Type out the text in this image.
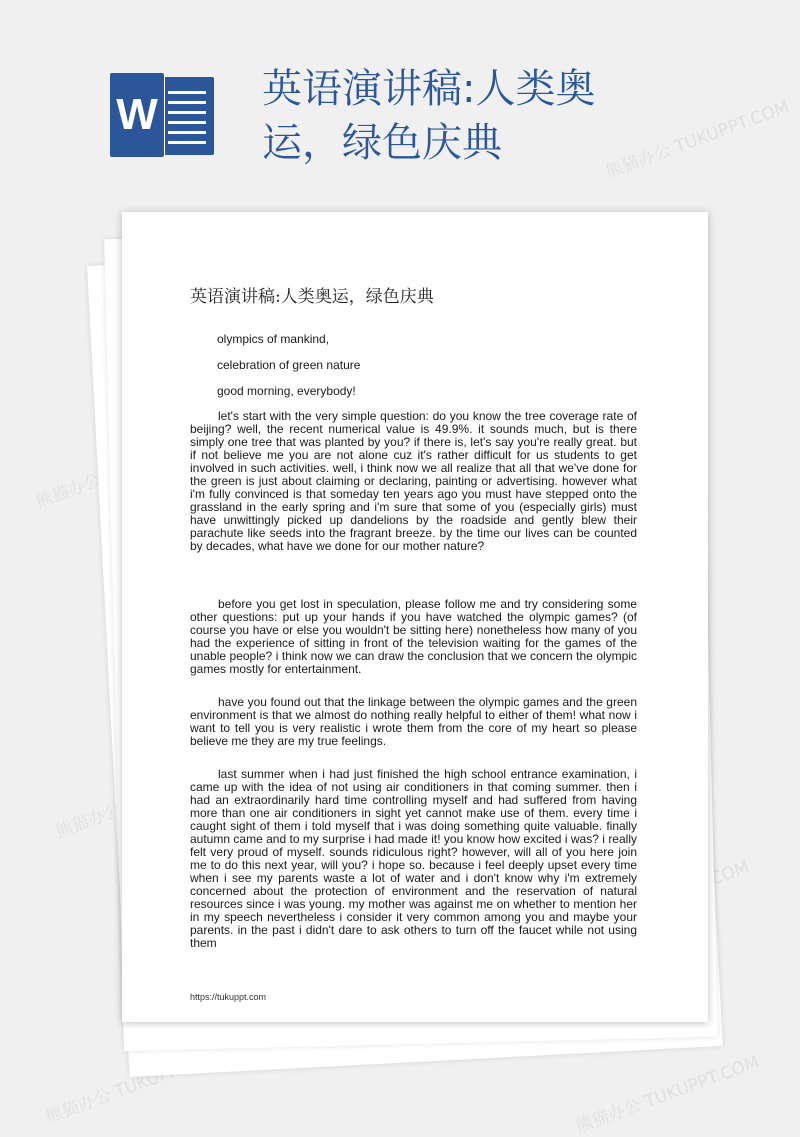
W
英语演讲稿:人类奥运，绿色庆典	熊猫办公 TUKUPPT.COM
熊猫办公
熊猫办公
熊猫办公 TUKUPPT.COM	熊猫办公 TUKUPPT.COM
英语演讲稿:人类奥运，绿色庆典

olympics of mankind,

celebration of green nature

good morning, everybody!

let's start with the very simple question: do you know the tree coverage rate of beijing? well, the recent numerical value is 49.9%. it sounds much, but is there simply one tree that was planted by you? if there is, let's say you're really great. but if not believe me you are not alone cuz it's rather difficult for us students to get involved in such activities. well, i think now we all realize that all that we've done for the green is just about claiming or declaring, painting or advertising. however what i'm fully convinced is that someday ten years ago you must have stepped onto the grassland in the early spring and i'm sure that some of you (especially girls) must have unwittingly picked up dandelions by the roadside and gently blew their parachute like seeds into the fragrant breeze. by the time our lives can be counted by decades, what have we done for our mother nature?

before you get lost in speculation, please follow me and try considering some other questions: put up your hands if you have watched the olympic games? (of course you have or else you wouldn't be sitting here) nonetheless how many of you had the experience of sitting in front of the television waiting for the games of the unable people? i think now we can draw the conclusion that we concern the olympic games mostly for entertainment.

have you found out that the linkage between the olympic games and the green environment is that we almost do nothing really helpful to either of them! what now i want to tell you is very realistic i wrote them from the core of my heart so please believe me they are my true feelings.

last summer when i had just finished the high school entrance examination, i came up with the idea of not using air conditioners in that coming summer. then i had an extraordinarily hard time controlling myself and had suffered from having more than one air conditioners in sight yet cannot make use of them. every time i caught sight of them i told myself that i was doing something quite valuable. finally autumn came and to my surprise i had made it! you know how excited i was? i really felt very proud of myself. sounds ridiculous right? however, will all of you here join me to do this next year, will you? i hope so. because i feel deeply upset every time when i see my parents waste a lot of water and i don't know why i'm extremely concerned about the protection of environment and the reservation of natural resources since i was young. my mother was against me on whether to mention her in my speech nevertheless i consider it very common among you and maybe your parents. in the past i didn't dare to ask others to turn off the faucet while not using them

https://tukuppt.com
